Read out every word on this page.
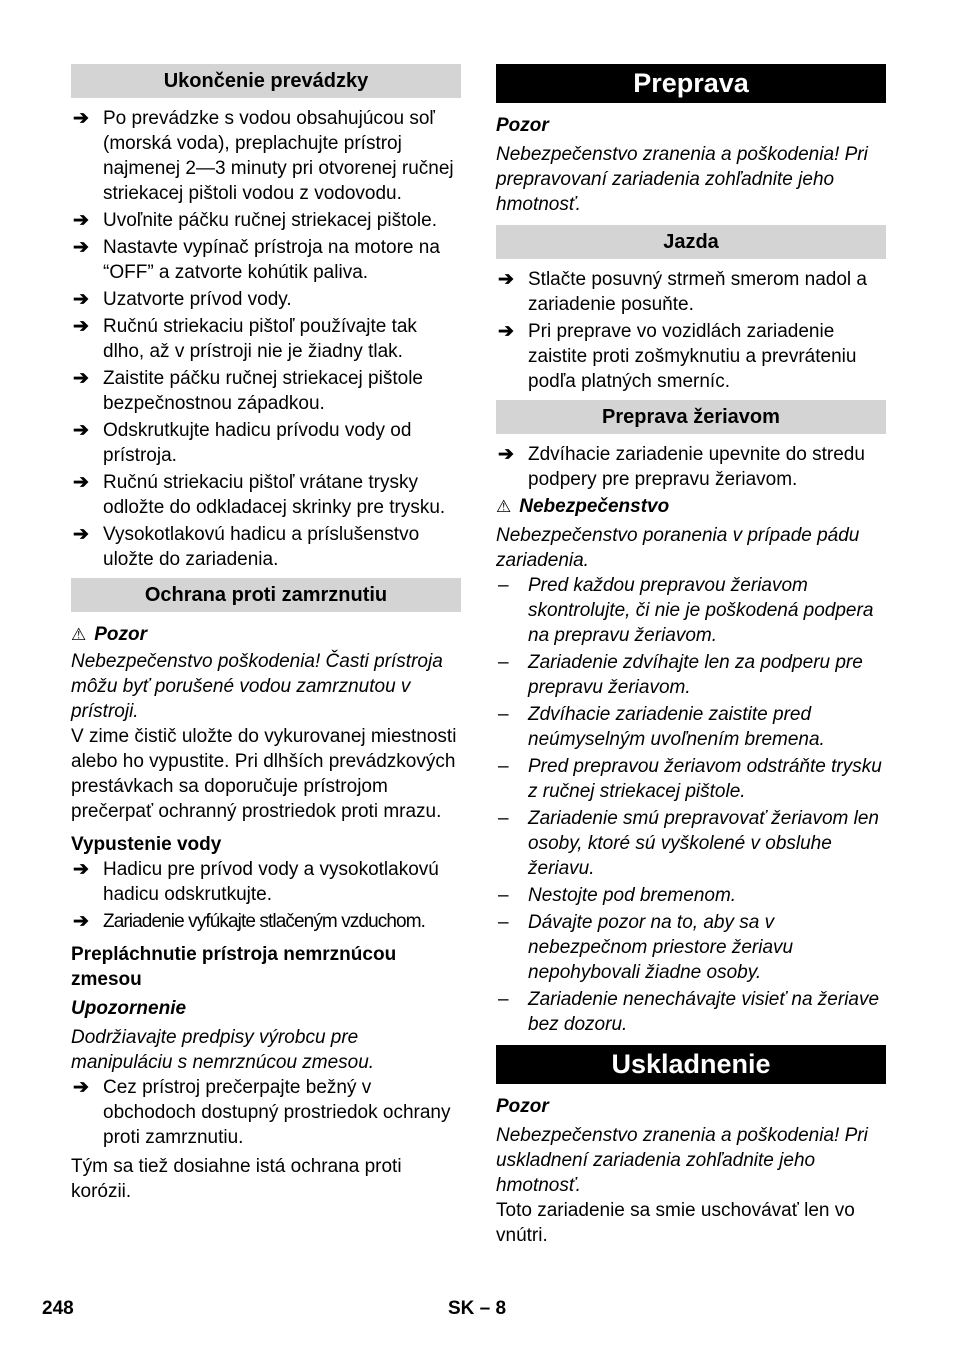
Ukončenie prevádzky
➔ Po prevádzke s vodou obsahujúcou soľ (morská voda), preplachujte prístroj najmenej 2—3 minuty pri otvorenej ručnej striekacej pištoli vodou z vodovodu.
➔ Uvoľnite páčku ručnej striekacej pištole.
➔ Nastavte vypínač prístroja na motore na “OFF” a zatvorte kohútik paliva.
➔ Uzatvorte prívod vody.
➔ Ručnú striekaciu pištoľ používajte tak dlho, až v prístroji nie je žiadny tlak.
➔ Zaistite páčku ručnej striekacej pištole bezpečnostnou západkou.
➔ Odskrutkujte hadicu prívodu vody od prístroja.
➔ Ručnú striekaciu pištoľ vrátane trysky odložte do odkladacej skrinky pre trysku.
➔ Vysokotlakovú hadicu a príslušenstvo uložte do zariadenia.
Ochrana proti zamrznutiu

⚠ Pozor

Nebezpečenstvo poškodenia! Časti prístroja môžu byť porušené vodou zamrznutou v prístroji.

V zime čistič uložte do vykurovanej miestnosti alebo ho vypustite. Pri dlhších prevádzkových prestávkach sa doporučuje prístrojom prečerpať ochranný prostriedok proti mrazu.

Vypustenie vody

➔ Hadicu pre prívod vody a vysokotlakovú hadicu odskrutkujte.
➔ Zariadenie vyfúkajte stlačeným vzduchom.

Prepláchnutie prístroja nemrznúcou zmesou

Upozornenie

Dodržiavajte predpisy výrobcu pre manipuláciu s nemrznúcou zmesou.

➔ Cez prístroj prečerpajte bežný v obchodoch dostupný prostriedok ochrany proti zamrznutiu.

Tým sa tiež dosiahne istá ochrana proti korózii.

Preprava

Pozor

Nebezpečenstvo zranenia a poškodenia! Pri prepravovaní zariadenia zohľadnite jeho hmotnosť.

Jazda
➔ Stlačte posuvný strmeň smerom nadol a zariadenie posuňte.
➔ Pri preprave vo vozidlách zariadenie zaistite proti zošmyknutiu a prevráteniu podľa platných smerníc.
Preprava žeriavom
➔ Zdvíhacie zariadenie upevnite do stredu podpery pre prepravu žeriavom.

⚠ Nebezpečenstvo

Nebezpečenstvo poranenia v prípade pádu zariadenia.

– Pred každou prepravou žeriavom skontrolujte, či nie je poškodená podpera na prepravu žeriavom.
– Zariadenie zdvíhajte len za podperu pre prepravu žeriavom.
– Zdvíhacie zariadenie zaistite pred neúmyselným uvoľnením bremena.
– Pred prepravou žeriavom odstráňte trysku z ručnej striekacej pištole.
– Zariadenie smú prepravovať žeriavom len osoby, ktoré sú vyškolené v obsluhe žeriavu.
– Nestojte pod bremenom.
– Dávajte pozor na to, aby sa v nebezpečnom priestore žeriavu nepohybovali žiadne osoby.
– Zariadenie nenechávajte visieť na žeriave bez dozoru.
Uskladnenie

Pozor

Nebezpečenstvo zranenia a poškodenia! Pri uskladnení zariadenia zohľadnite jeho hmotnosť.

Toto zariadenie sa smie uschovávať len vo vnútri.

248	SK – 8
